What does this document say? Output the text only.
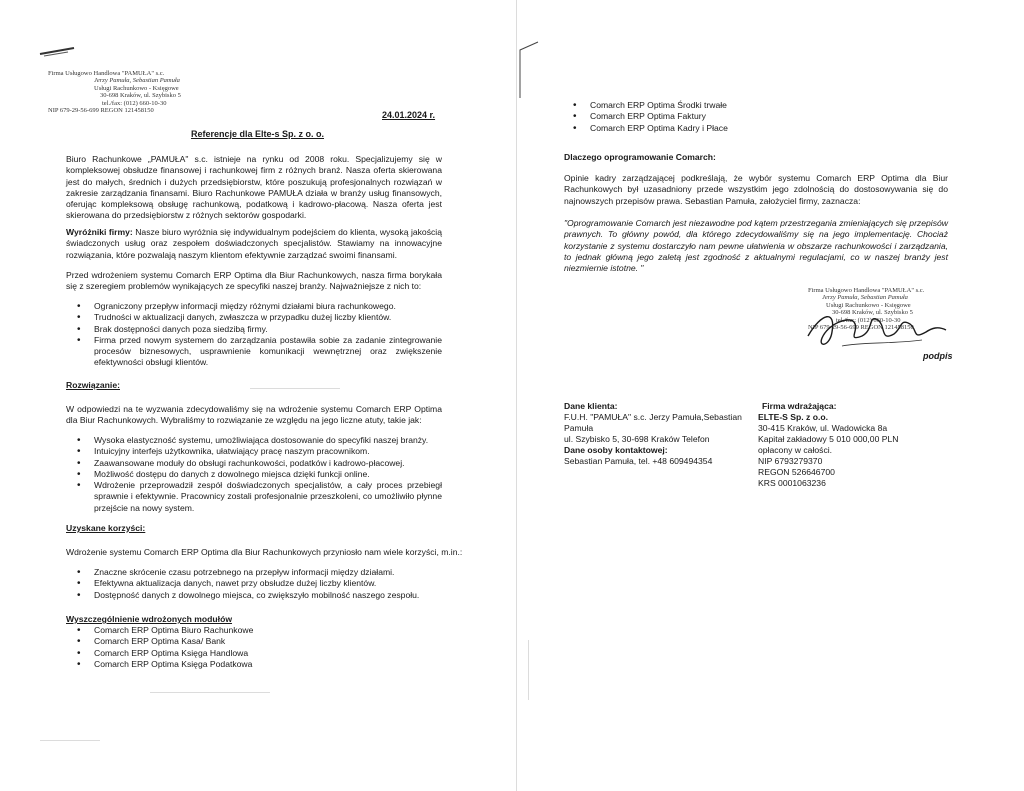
Firma Usługowo Handlowa "PAMUŁA" s.c.
Jerzy Pamuła, Sebastian Pamuła
Usługi Rachunkowo - Księgowe
30-698 Kraków, ul. Szybisko 5
tel./fax: (012) 660-10-30
NIP 679-29-56-699 REGON 121458150	24.01.2024 r.
Referencje dla Elte-s Sp. z o. o.
Biuro Rachunkowe „PAMUŁA" s.c. istnieje na rynku od 2008 roku. Specjalizujemy się w kompleksowej obsłudze finansowej i rachunkowej firm z różnych branż. Nasza oferta skierowana jest do małych, średnich i dużych przedsiębiorstw, które poszukują profesjonalnych rozwiązań w zakresie zarządzania finansami. Biuro Rachunkowe PAMUŁA działa w branży usług finansowych, oferując kompleksową obsługę rachunkową, podatkową i kadrowo-płacową. Nasza oferta jest skierowana do przedsiębiorstw z różnych sektorów gospodarki.
Wyróżniki firmy: Nasze biuro wyróżnia się indywidualnym podejściem do klienta, wysoką jakością świadczonych usług oraz zespołem doświadczonych specjalistów. Stawiamy na innowacyjne rozwiązania, które pozwalają naszym klientom efektywnie zarządzać swoimi finansami.
Przed wdrożeniem systemu Comarch ERP Optima dla Biur Rachunkowych, nasza firma borykała się z szeregiem problemów wynikających ze specyfiki naszej branży. Najważniejsze z nich to:
• Ograniczony przepływ informacji między różnymi działami biura rachunkowego.
• Trudności w aktualizacji danych, zwłaszcza w przypadku dużej liczby klientów.
• Brak dostępności danych poza siedzibą firmy.
• Firma przed nowym systemem do zarządzania postawiła sobie za zadanie zintegrowanie procesów biznesowych, usprawnienie komunikacji wewnętrznej oraz zwiększenie efektywności obsługi klientów.
Rozwiązanie:
W odpowiedzi na te wyzwania zdecydowaliśmy się na wdrożenie systemu Comarch ERP Optima dla Biur Rachunkowych. Wybraliśmy to rozwiązanie ze względu na jego liczne atuty, takie jak:
• Wysoka elastyczność systemu, umożliwiająca dostosowanie do specyfiki naszej branży.
• Intuicyjny interfejs użytkownika, ułatwiający pracę naszym pracownikom.
• Zaawansowane moduły do obsługi rachunkowości, podatków i kadrowo-płacowej.
• Możliwość dostępu do danych z dowolnego miejsca dzięki funkcji online.
• Wdrożenie przeprowadził zespół doświadczonych specjalistów, a cały proces przebiegł sprawnie i efektywnie. Pracownicy zostali profesjonalnie przeszkoleni, co umożliwiło płynne przejście na nowy system.
Uzyskane korzyści:
Wdrożenie systemu Comarch ERP Optima dla Biur Rachunkowych przyniosło nam wiele korzyści, m.in.:
• Znaczne skrócenie czasu potrzebnego na przepływ informacji między działami.
• Efektywna aktualizacja danych, nawet przy obsłudze dużej liczby klientów.
• Dostępność danych z dowolnego miejsca, co zwiększyło mobilność naszego zespołu.
Wyszczególnienie wdrożonych modułów
• Comarch ERP Optima Biuro Rachunkowe
• Comarch ERP Optima Kasa/ Bank
• Comarch ERP Optima Księga Handlowa
• Comarch ERP Optima Księga Podatkowa
• Comarch ERP Optima Środki trwałe
• Comarch ERP Optima Faktury
• Comarch ERP Optima Kadry i Płace
Dlaczego oprogramowanie Comarch:
Opinie kadry zarządzającej podkreślają, że wybór systemu Comarch ERP Optima dla Biur Rachunkowych był uzasadniony przede wszystkim jego zdolnością do dostosowywania się do najnowszych przepisów prawa. Sebastian Pamuła, założyciel firmy, zaznacza:
"Oprogramowanie Comarch jest niezawodne pod kątem przestrzegania zmieniających się przepisów prawnych. To główny powód, dla którego zdecydowaliśmy się na jego implementację. Chociaż korzystanie z systemu dostarczyło nam pewne ułatwienia w obszarze rachunkowości i zarządzania, to jednak główną jego zaletą jest zgodność z aktualnymi regulacjami, co w naszej branży jest niezmiernie istotne. "
Firma Usługowo Handlowa "PAMUŁA" s.c.
Jerzy Pamuła, Sebastian Pamuła
Usługi Rachunkowo - Księgowe
30-698 Kraków, ul. Szybisko 5
tel./fax: (012) 660-10-30
NIP 679-29-56-699 REGON 121458150
podpis
Dane klienta:
F.U.H. "PAMUŁA" s.c. Jerzy Pamuła,Sebastian Pamuła
ul. Szybisko 5, 30-698 Kraków Telefon
Dane osoby kontaktowej:
Sebastian Pamuła, tel. +48 609494354
Firma wdrażająca:
ELTE-S Sp. z o.o.
30-415 Kraków, ul. Wadowicka 8a
Kapitał zakładowy 5 010 000,00 PLN
opłacony w całości.
NIP 6793279370
REGON 526646700
KRS 0001063236
